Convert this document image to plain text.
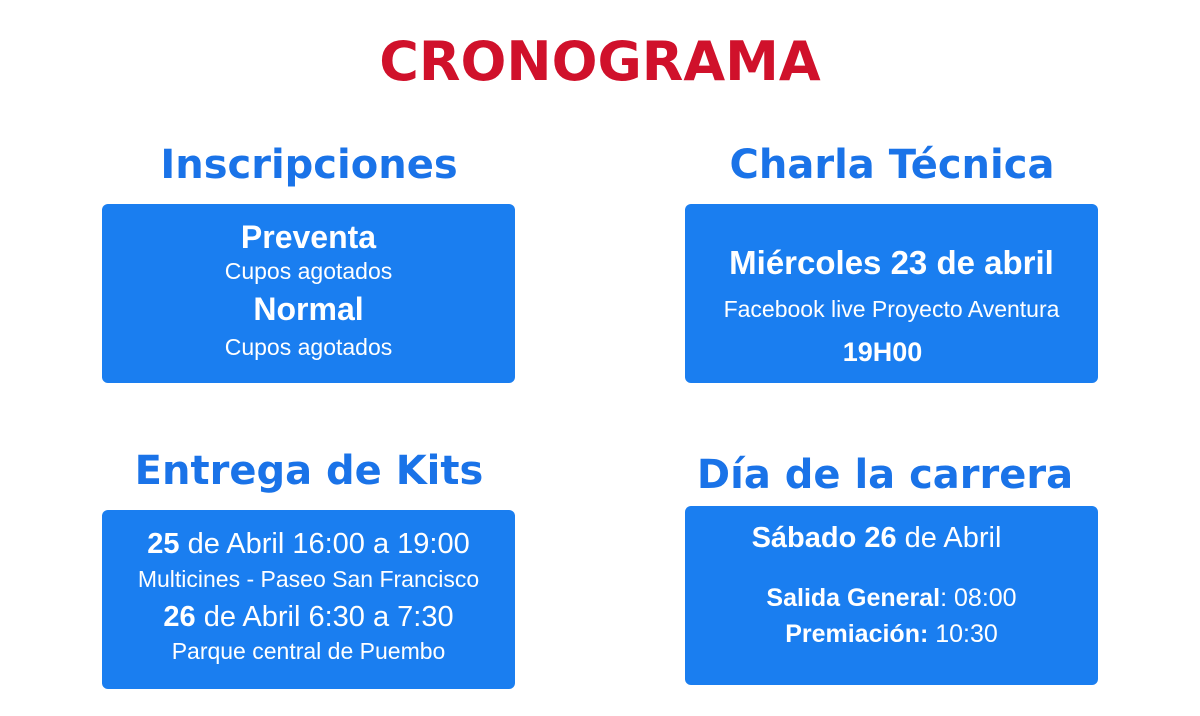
CRONOGRAMA
Inscripciones
Preventa
Cupos agotados
Normal
Cupos agotados
Charla Técnica
Miércoles 23 de abril
Facebook live Proyecto Aventura
19H00
Entrega de Kits
25 de Abril 16:00 a 19:00
Multicines - Paseo San Francisco
26 de Abril 6:30 a 7:30
Parque central de Puembo
Día de la carrera
Sábado 26 de Abril
Salida General: 08:00
Premiación: 10:30
